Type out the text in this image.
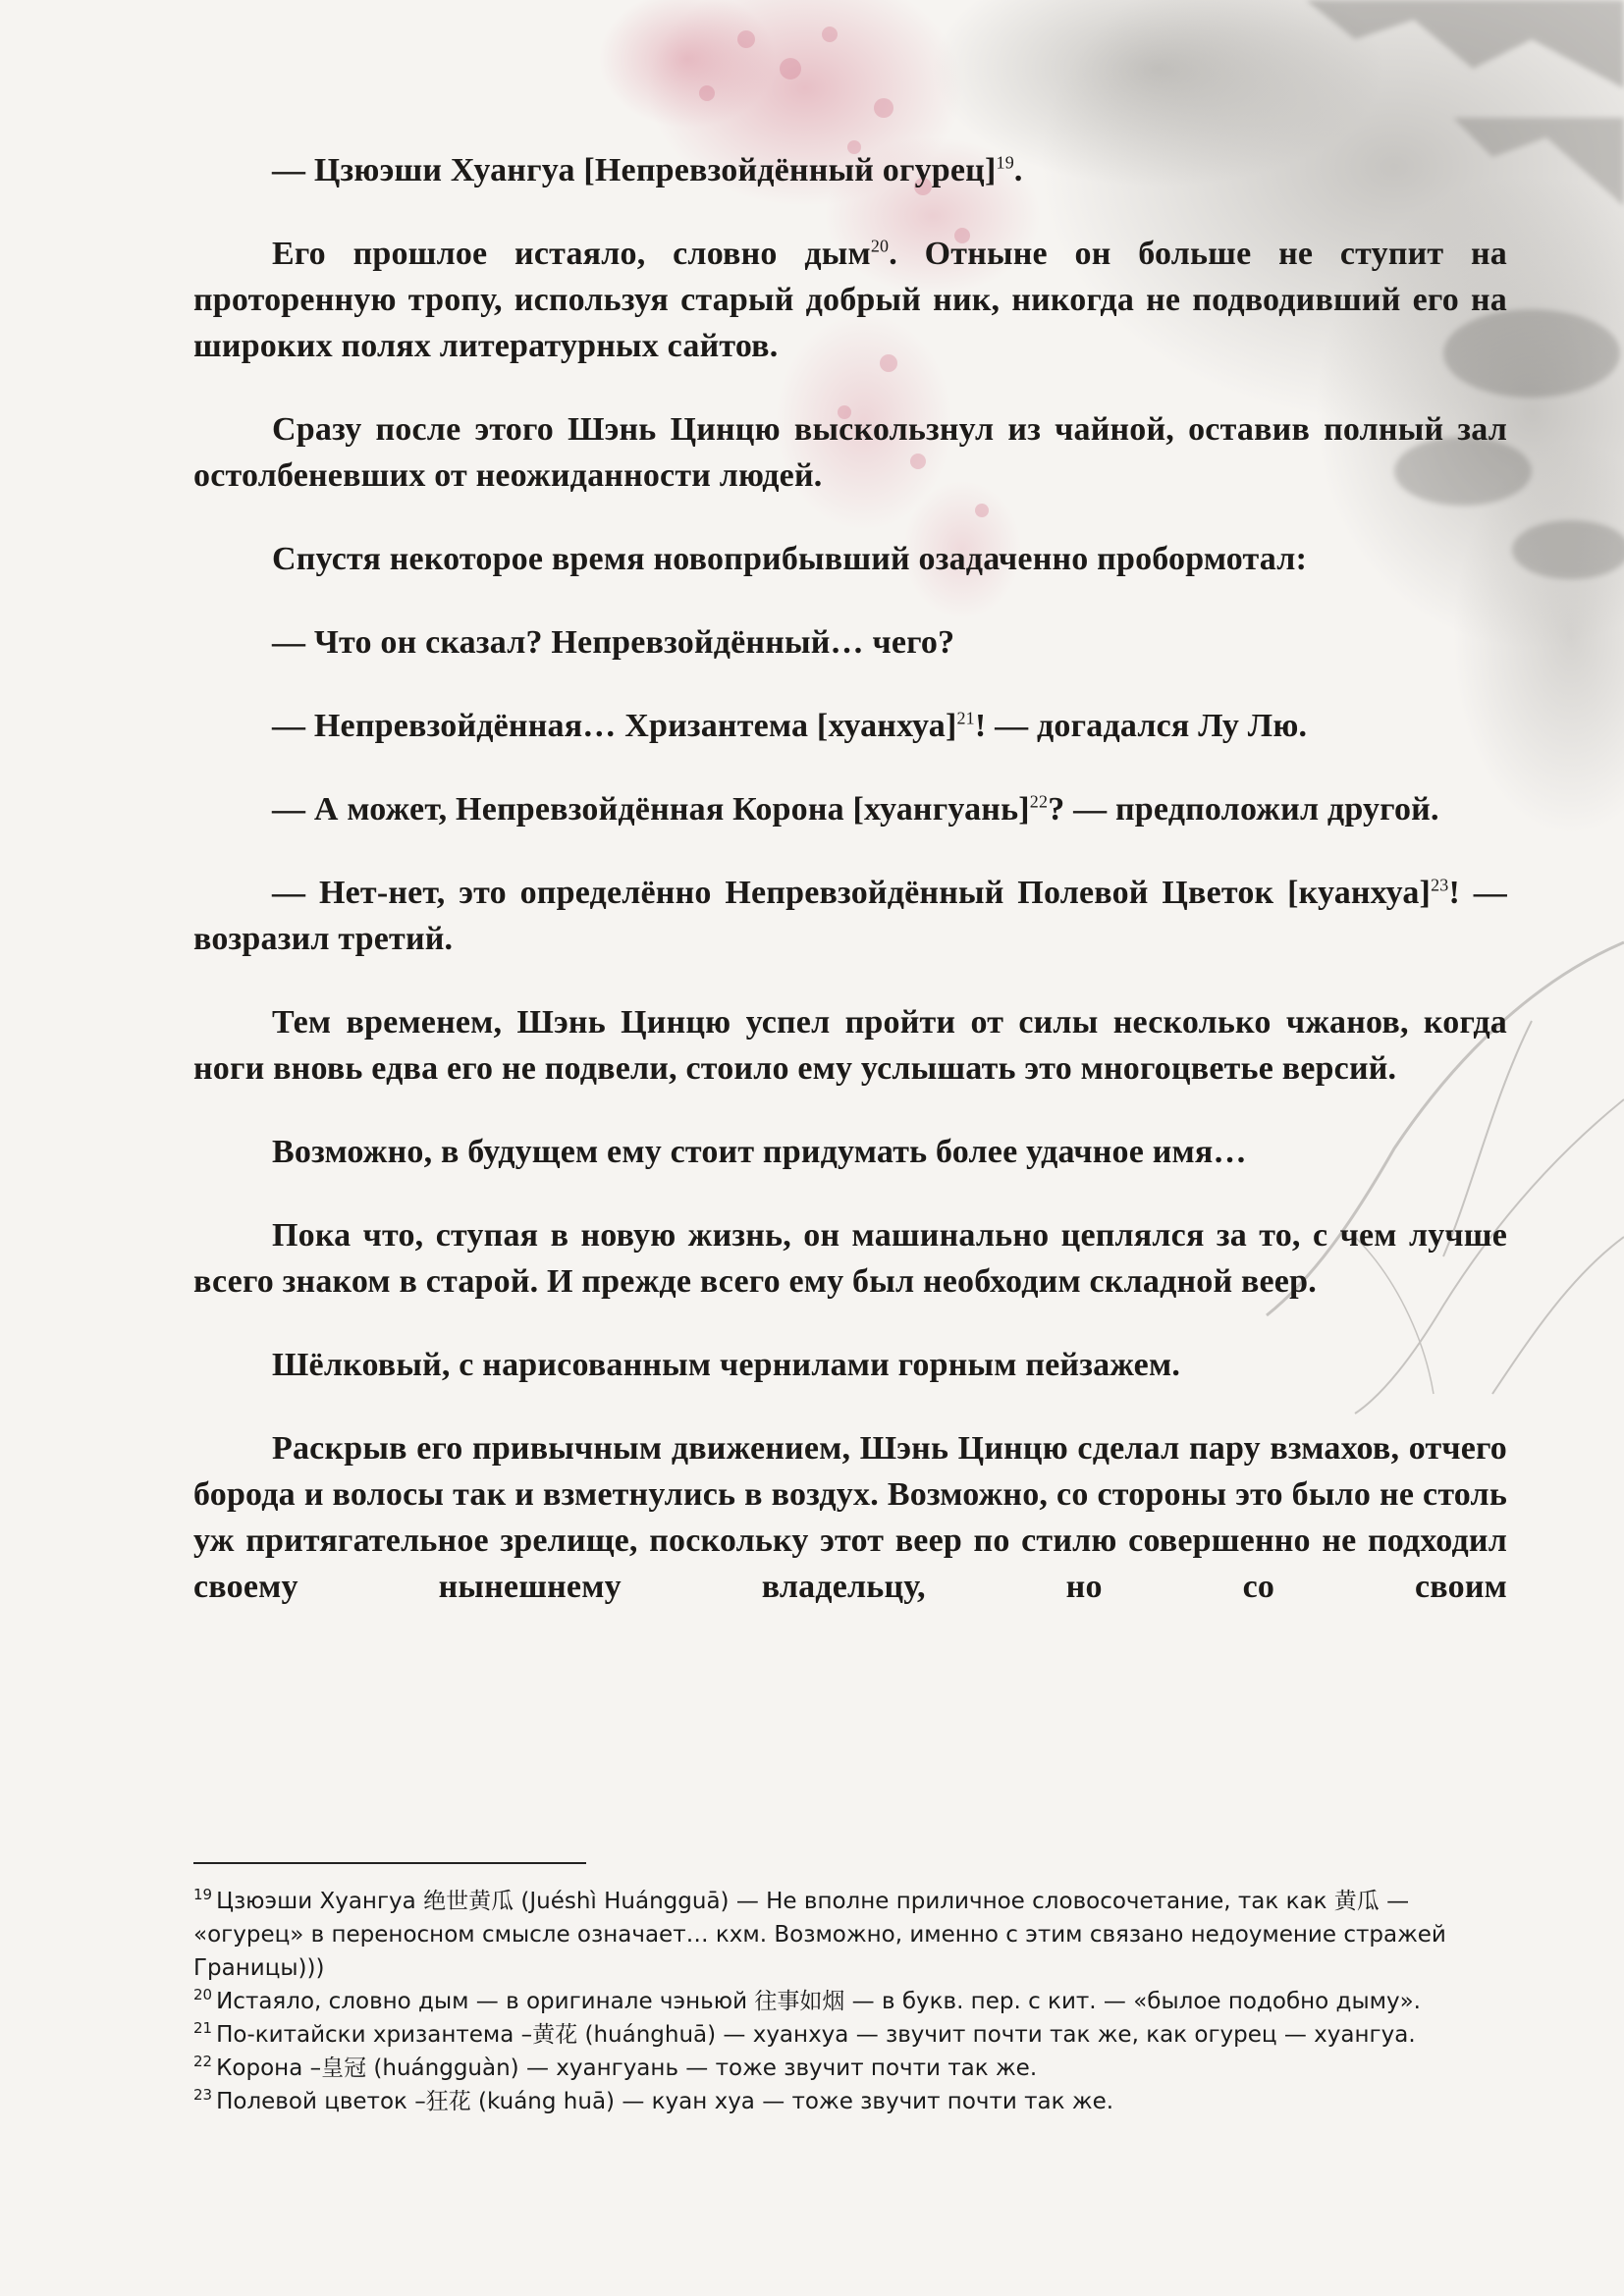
— Цзюэши Хуангуа [Непревзойдённый огурец]$^{19}$.

Его прошлое истаяло, словно дым$^{20}$. Отныне он больше не ступит на проторенную тропу, используя старый добрый ник, никогда не подводивший его на широких полях литературных сайтов.

Сразу после этого Шэнь Цинцю выскользнул из чайной, оставив полный зал остолбеневших от неожиданности людей.

Спустя некоторое время новоприбывший озадаченно пробормотал:

— Что он сказал? Непревзойдённый… чего?

— Непревзойдённая… Хризантема [хуанхуа]$^{21}$! — догадался Лу Лю.

— А может, Непревзойдённая Корона [хуангуань]$^{22}$? — предположил другой.

— Нет-нет, это определённо Непревзойдённый Полевой Цветок [куанхуа]$^{23}$! — возразил третий.

Тем временем, Шэнь Цинцю успел пройти от силы несколько чжанов, когда ноги вновь едва его не подвели, стоило ему услышать это многоцветье версий.

Возможно, в будущем ему стоит придумать более удачное имя…

Пока что, ступая в новую жизнь, он машинально цеплялся за то, с чем лучше всего знаком в старой. И прежде всего ему был необходим складной веер.

Шёлковый, с нарисованным чернилами горным пейзажем.

Раскрыв его привычным движением, Шэнь Цинцю сделал пару взмахов, отчего борода и волосы так и взметнулись в воздух. Возможно, со стороны это было не столь уж притягательное зрелище, поскольку этот веер по стилю совершенно не подходил своему нынешнему владельцу, но со своим

$^{19}$ Цзюэши Хуангуа 绝世黄瓜 (Juéshì Huángguā) — Не вполне приличное словосочетание, так как 黄瓜 — «огурец» в переносном смысле означает… кхм. Возможно, именно с этим связано недоумение стражей Границы)))

$^{20}$ Истаяло, словно дым — в оригинале чэньюй 往事如烟 — в букв. пер. с кит. — «былое подобно дыму».

$^{21}$ По-китайски хризантема –黄花 (huánghuā) — хуанхуа — звучит почти так же, как огурец — хуангуа.

$^{22}$ Корона –皇冠 (huángguàn) — хуангуань — тоже звучит почти так же.

$^{23}$ Полевой цветок –狂花 (kuáng huā) — куан хуа — тоже звучит почти так же.
